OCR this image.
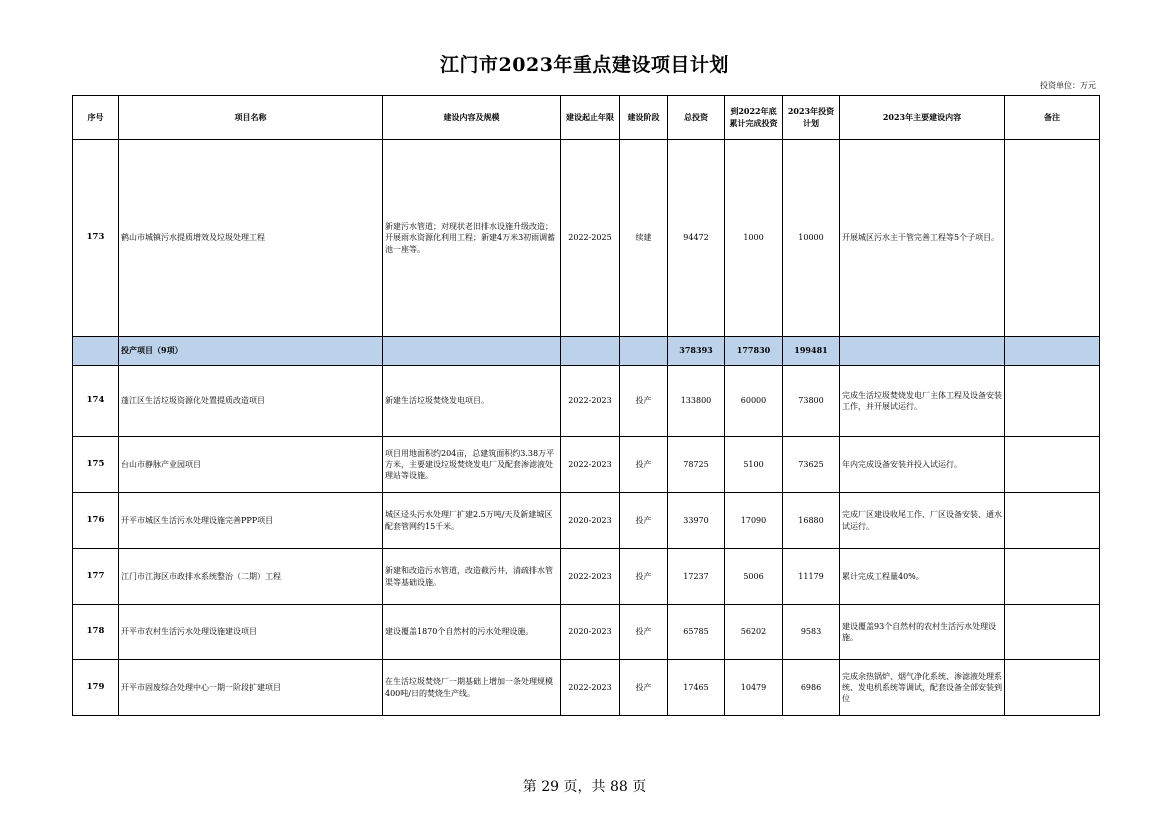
江门市2023年重点建设项目计划
投资单位：万元
序号	项目名称	建设内容及规模	建设起止年限	建设阶段	总投资	到2022年底累计完成投资	2023年投资计划	2023年主要建设内容	备注
173	鹤山市城镇污水提质增效及垃圾处理工程	新建污水管道；对现状老旧排水设施升级改造；开展雨水资源化利用工程；新建4万米3初雨调蓄池一座等。	2022-2025	续建	94472	1000	10000	开展城区污水主干管完善工程等5个子项目。	
	投产项目（9项）				378393	177830	199481		
174	蓬江区生活垃圾资源化处置提质改造项目	新建生活垃圾焚烧发电项目。	2022-2023	投产	133800	60000	73800	完成生活垃圾焚烧发电厂主体工程及设备安装工作，并开展试运行。	
175	台山市静脉产业园项目	项目用地面积约204亩，总建筑面积约3.38万平方米，主要建设垃圾焚烧发电厂及配套渗滤液处理站等设施。	2022-2023	投产	78725	5100	73625	年内完成设备安装并投入试运行。	
176	开平市城区生活污水处理设施完善PPP项目	城区迳头污水处理厂扩建2.5万吨/天及新建城区配套管网约15千米。	2020-2023	投产	33970	17090	16880	完成厂区建设收尾工作、厂区设备安装、通水试运行。	
177	江门市江海区市政排水系统整治（二期）工程	新建和改造污水管道，改造截污井，清疏排水管渠等基础设施。	2022-2023	投产	17237	5006	11179	累计完成工程量40%。	
178	开平市农村生活污水处理设施建设项目	建设覆盖1870个自然村的污水处理设施。	2020-2023	投产	65785	56202	9583	建设覆盖93个自然村的农村生活污水处理设施。	
179	开平市固废综合处理中心一期一阶段扩建项目	在生活垃圾焚烧厂一期基础上增加一条处理规模400吨/日的焚烧生产线。	2022-2023	投产	17465	10479	6986	完成余热锅炉、烟气净化系统、渗滤液处理系统、发电机系统等调试，配套设备全部安装到位	
第 29 页，共 88 页
